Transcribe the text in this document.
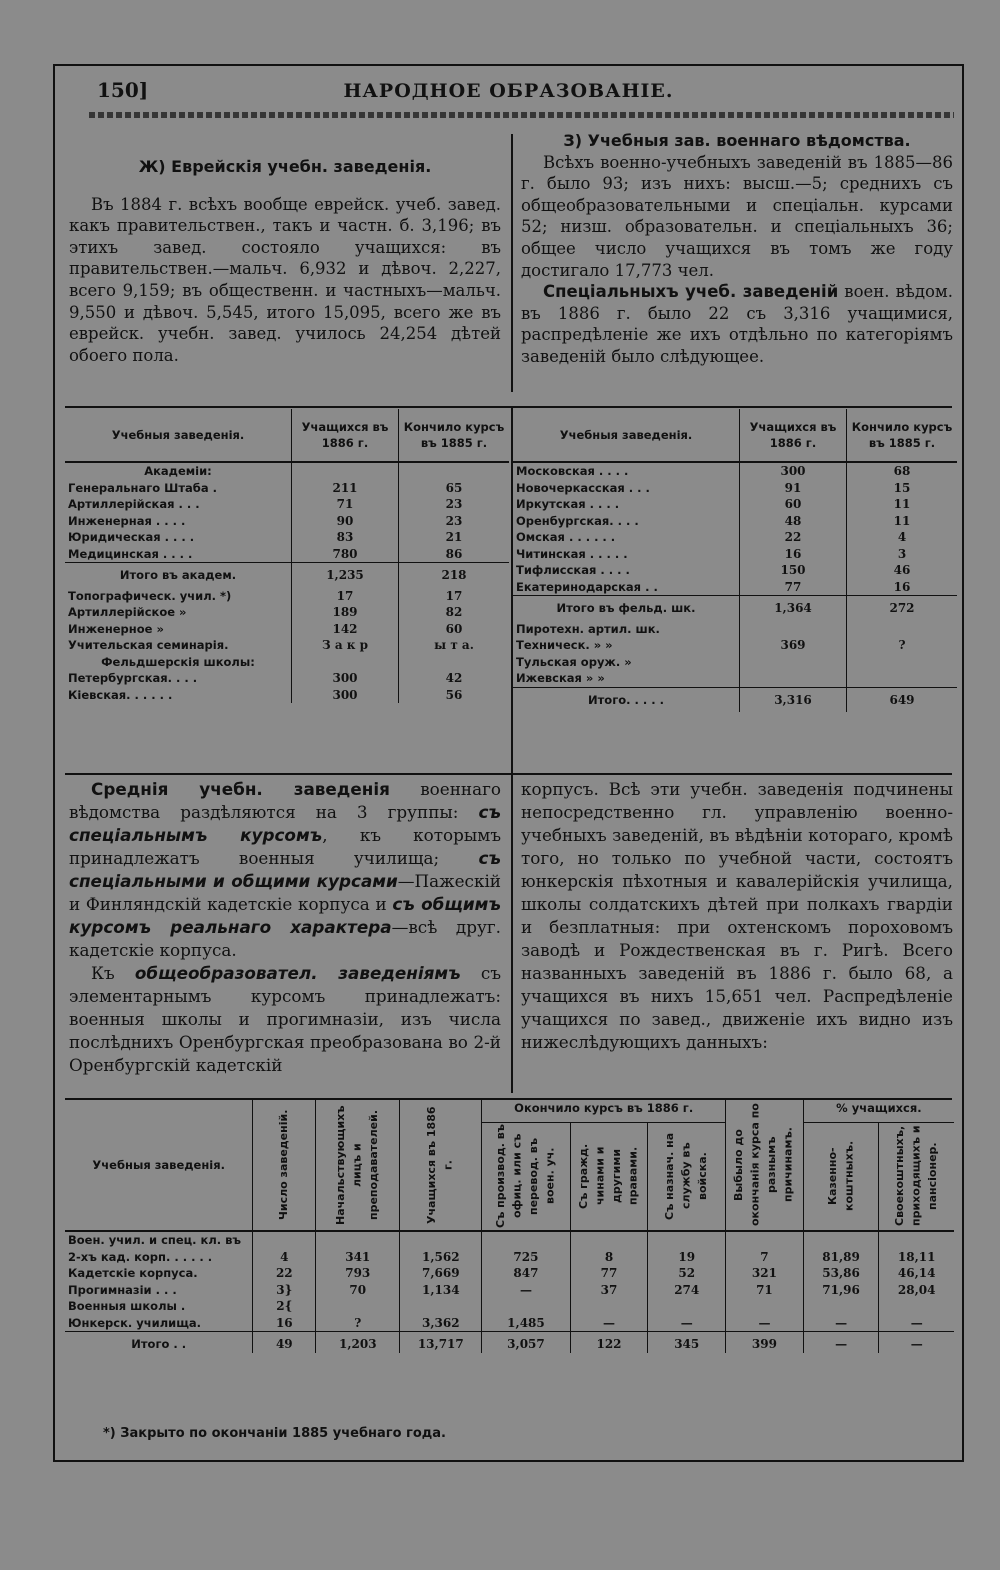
150]	НАРОДНОЕ ОБРАЗОВАНІЕ.

Ж) Еврейскія учебн. заведенія.

Въ 1884 г. всѣхъ вообще еврейск. учеб. завед. какъ правительствен., такъ и частн. б. 3,196; въ этихъ завед. состояло учащихся: въ правительствен.—мальч. 6,932 и дѣвоч. 2,227, всего 9,159; въ общественн. и частныхъ—мальч. 9,550 и дѣвоч. 5,545, итого 15,095, всего же въ еврейск. учебн. завед. училось 24,254 дѣтей обоего пола.

З) Учебныя зав. военнаго вѣдомства.

Всѣхъ военно-учебныхъ заведеній въ 1885—86 г. было 93; изъ нихъ: высш.—5; среднихъ съ общеобразовательными и спеціальн. курсами 52; низш. образовательн. и спеціальныхъ 36; общее число учащихся въ томъ же году достигало 17,773 чел.

Спеціальныхъ учеб. заведеній воен. вѣдом. въ 1886 г. было 22 съ 3,316 учащимися, распредѣленіе же ихъ отдѣльно по категоріямъ заведеній было слѣдующее.

Учебныя заведенія.	Учащихся въ 1886 г.	Кончило курсъ въ 1885 г.
Академіи:		
Генеральнаго Штаба .	211	65
Артиллерійская . . .	71	23
Инженерная . . . .	90	23
Юридическая . . . .	83	21
Медицинская . . . .	780	86
Итого въ академ.	1,235	218
Топографическ. учил. *)	17	17
Артиллерійское »	189	82
Инженерное »	142	60
Учительская семинарія.	З а к р	ы т а.
Фельдшерскія школы:		
Петербургская. . . .	300	42
Кіевская. . . . . .	300	56
Учебныя заведенія.	Учащихся въ 1886 г.	Кончило курсъ въ 1885 г.
Московская . . . .	300	68
Новочеркасская . . .	91	15
Иркутская . . . .	60	11
Оренбургская. . . .	48	11
Омская . . . . . .	22	4
Читинская . . . . .	16	3
Тифлисская . . . .	150	46
Екатеринодарская . .	77	16
Итого въ фельд. шк.	1,364	272
Пиротехн. артил. шк.		
Техническ. » »	369	?
Тульская оруж. »		
Ижевская » »		
Итого. . . . .	3,316	649

Среднія учебн. заведенія военнаго вѣдомства раздѣляются на 3 группы: съ спеціальнымъ курсомъ, къ которымъ принадлежатъ военныя училища; съ спеціальными и общими курсами—Пажескій и Финляндскій кадетскіе корпуса и съ общимъ курсомъ реальнаго характера—всѣ друг. кадетскіе корпуса.

Къ общеобразовател. заведеніямъ съ элементарнымъ курсомъ принадлежатъ: военныя школы и прогимназіи, изъ числа послѣднихъ Оренбургская преобразована во 2-й Оренбургскій кадетскій

корпусъ. Всѣ эти учебн. заведенія подчинены непосредственно гл. управленію военно-учебныхъ заведеній, въ вѣдѣніи котораго, кромѣ того, но только по учебной части, состоятъ юнкерскія пѣхотныя и кавалерійскія училища, школы солдатскихъ дѣтей при полкахъ гвардіи и безплатныя: при охтенскомъ пороховомъ заводѣ и Рождественская въ г. Ригѣ. Всего названныхъ заведеній въ 1886 г. было 68, а учащихся въ нихъ 15,651 чел. Распредѣленіе учащихся по завед., движеніе ихъ видно изъ нижеслѣдующихъ данныхъ:

Учебныя заведенія.	Число заведеній.	Начальствующихъ лицъ и преподавателей.	Учащихся въ 1886 г.	Окончило курсъ въ 1886 г.			Выбыло до окончанія курса по разнымъ причинамъ.	% учащихся.	

				Съ производ. въ офиц. или съ перевод. въ воен. уч.	Съ гражд. чинами и другими правами.	Съ назнач. на службу въ войска.		Казенно-коштныхъ.	Своекоштныхъ, приходящихъ и пансіонер.

Воен. учил. и спец. кл. въ 2-хъ кад. корп. . . . . .	4	341	1,562	725	8	19	7	81,89	18,11
Кадетскіе корпуса.	22	793	7,669	847	77	52	321	53,86	46,14
Прогимназіи . . .	3}	70	1,134	—	37	274	71	71,96	28,04
Военныя школы .	2{								
Юнкерск. училища.	16	?	3,362	1,485	—	—	—	—	—
Итого . .	49	1,203	13,717	3,057	122	345	399	—	—
*) Закрыто по окончаніи 1885 учебнаго года.
